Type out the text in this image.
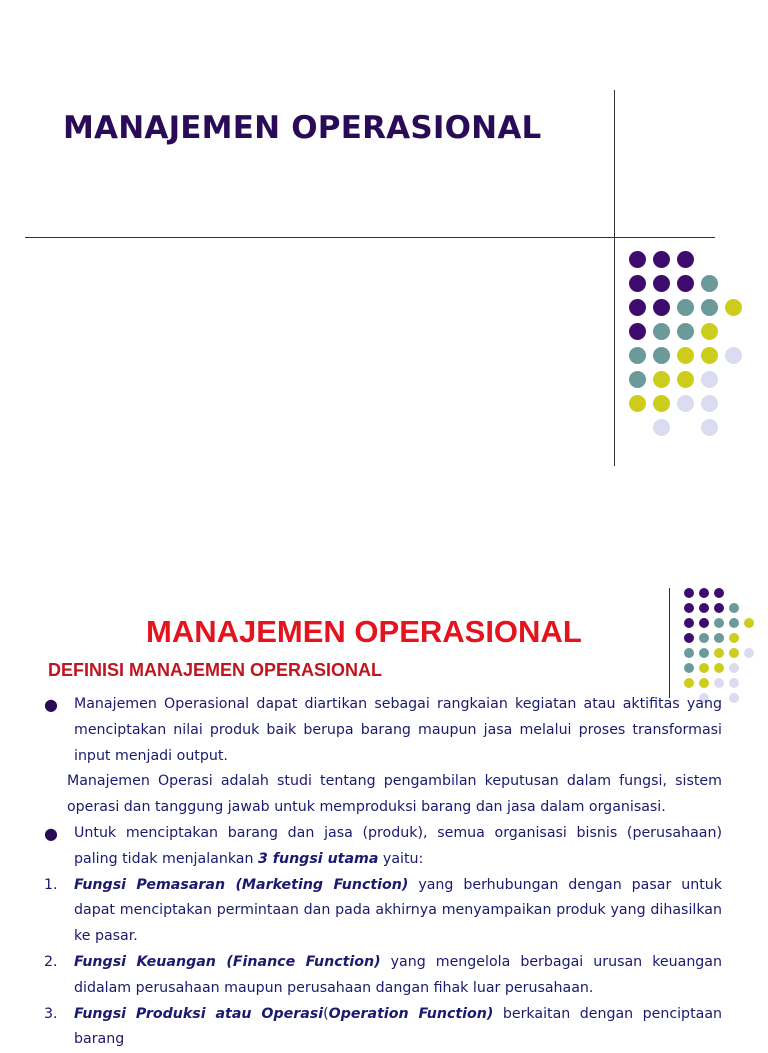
MANAJEMEN OPERASIONAL
MANAJEMEN OPERASIONAL
DEFINISI MANAJEMEN OPERASIONAL
● Manajemen Operasional dapat diartikan sebagai rangkaian kegiatan atau aktifitas yang menciptakan nilai produk baik berupa barang maupun jasa melalui proses transformasi input menjadi output.
Manajemen Operasi adalah studi tentang pengambilan keputusan dalam fungsi, sistem operasi dan tanggung jawab untuk memproduksi barang dan jasa dalam organisasi.
● Untuk menciptakan barang dan jasa (produk), semua organisasi bisnis (perusahaan) paling tidak menjalankan 3 fungsi utama yaitu:
1. Fungsi Pemasaran (Marketing Function) yang berhubungan dengan pasar untuk dapat menciptakan permintaan dan pada akhirnya menyampaikan produk yang dihasilkan ke pasar.
2. Fungsi Keuangan (Finance Function) yang mengelola berbagai urusan keuangan didalam perusahaan maupun perusahaan dangan fihak luar perusahaan.
3. Fungsi Produksi atau Operasi(Operation Function) berkaitan dengan penciptaan barang
